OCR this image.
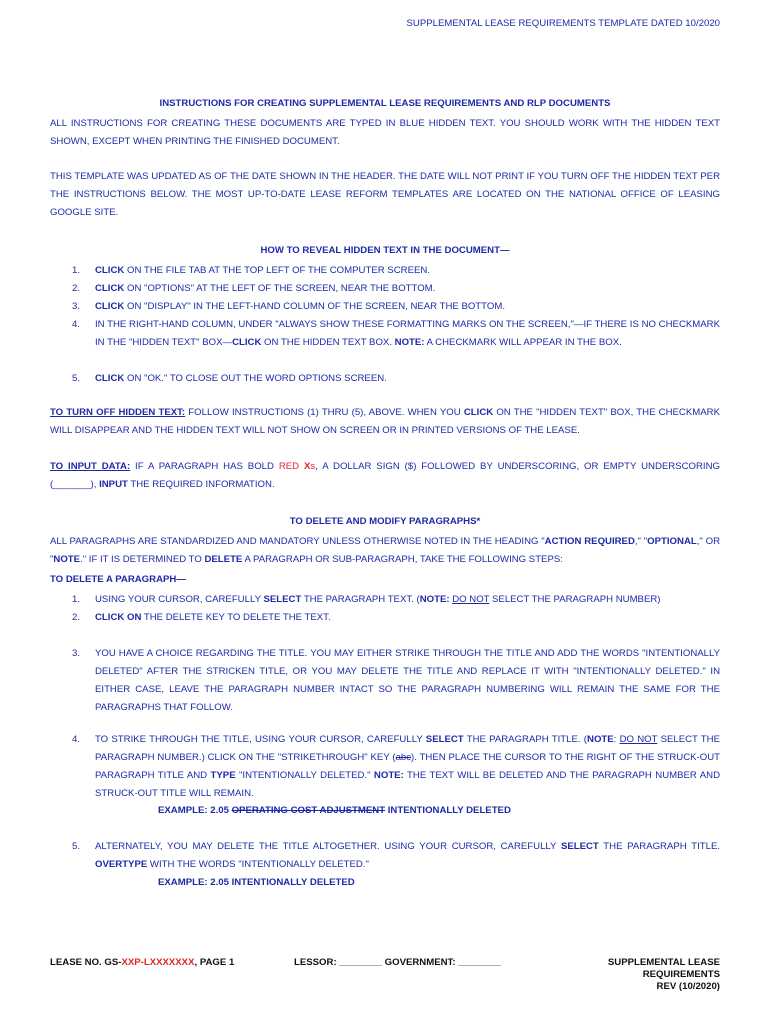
SUPPLEMENTAL LEASE REQUIREMENTS TEMPLATE DATED 10/2020
INSTRUCTIONS FOR CREATING SUPPLEMENTAL LEASE REQUIREMENTS AND RLP DOCUMENTS
ALL INSTRUCTIONS FOR CREATING THESE DOCUMENTS ARE TYPED IN BLUE HIDDEN TEXT. YOU SHOULD WORK WITH THE HIDDEN TEXT SHOWN, EXCEPT WHEN PRINTING THE FINISHED DOCUMENT.
THIS TEMPLATE WAS UPDATED AS OF THE DATE SHOWN IN THE HEADER. THE DATE WILL NOT PRINT IF YOU TURN OFF THE HIDDEN TEXT PER THE INSTRUCTIONS BELOW. THE MOST UP-TO-DATE LEASE REFORM TEMPLATES ARE LOCATED ON THE NATIONAL OFFICE OF LEASING GOOGLE SITE.
HOW TO REVEAL HIDDEN TEXT IN THE DOCUMENT—
1. CLICK ON THE FILE TAB AT THE TOP LEFT OF THE COMPUTER SCREEN.
2. CLICK ON "OPTIONS" AT THE LEFT OF THE SCREEN, NEAR THE BOTTOM.
3. CLICK ON "DISPLAY" IN THE LEFT-HAND COLUMN OF THE SCREEN, NEAR THE BOTTOM.
4. IN THE RIGHT-HAND COLUMN, UNDER "ALWAYS SHOW THESE FORMATTING MARKS ON THE SCREEN,"—IF THERE IS NO CHECKMARK IN THE "HIDDEN TEXT" BOX—CLICK ON THE HIDDEN TEXT BOX. NOTE: A CHECKMARK WILL APPEAR IN THE BOX.
5. CLICK ON "OK." TO CLOSE OUT THE WORD OPTIONS SCREEN.
TO TURN OFF HIDDEN TEXT: FOLLOW INSTRUCTIONS (1) THRU (5), ABOVE. WHEN YOU CLICK ON THE "HIDDEN TEXT" BOX, THE CHECKMARK WILL DISAPPEAR AND THE HIDDEN TEXT WILL NOT SHOW ON SCREEN OR IN PRINTED VERSIONS OF THE LEASE.
TO INPUT DATA: IF A PARAGRAPH HAS BOLD RED Xs, A DOLLAR SIGN ($) FOLLOWED BY UNDERSCORING, OR EMPTY UNDERSCORING (_______), INPUT THE REQUIRED INFORMATION.
TO DELETE AND MODIFY PARAGRAPHS*
ALL PARAGRAPHS ARE STANDARDIZED AND MANDATORY UNLESS OTHERWISE NOTED IN THE HEADING "ACTION REQUIRED," "OPTIONAL," OR "NOTE." IF IT IS DETERMINED TO DELETE A PARAGRAPH OR SUB-PARAGRAPH, TAKE THE FOLLOWING STEPS:
TO DELETE A PARAGRAPH—
1. USING YOUR CURSOR, CAREFULLY SELECT THE PARAGRAPH TEXT. (NOTE: DO NOT SELECT THE PARAGRAPH NUMBER)
2. CLICK ON THE DELETE KEY TO DELETE THE TEXT.
3. YOU HAVE A CHOICE REGARDING THE TITLE. YOU MAY EITHER STRIKE THROUGH THE TITLE AND ADD THE WORDS "INTENTIONALLY DELETED" AFTER THE STRICKEN TITLE, OR YOU MAY DELETE THE TITLE AND REPLACE IT WITH "INTENTIONALLY DELETED." IN EITHER CASE, LEAVE THE PARAGRAPH NUMBER INTACT SO THE PARAGRAPH NUMBERING WILL REMAIN THE SAME FOR THE PARAGRAPHS THAT FOLLOW.
4. TO STRIKE THROUGH THE TITLE, USING YOUR CURSOR, CAREFULLY SELECT THE PARAGRAPH TITLE. (NOTE: DO NOT SELECT THE PARAGRAPH NUMBER.) CLICK ON THE "STRIKETHROUGH" KEY (abc). THEN PLACE THE CURSOR TO THE RIGHT OF THE STRUCK-OUT PARAGRAPH TITLE AND TYPE "INTENTIONALLY DELETED." NOTE: THE TEXT WILL BE DELETED AND THE PARAGRAPH NUMBER AND STRUCK-OUT TITLE WILL REMAIN.
EXAMPLE: 2.05 OPERATING COST ADJUSTMENT INTENTIONALLY DELETED
5. ALTERNATELY, YOU MAY DELETE THE TITLE ALTOGETHER. USING YOUR CURSOR, CAREFULLY SELECT THE PARAGRAPH TITLE. OVERTYPE WITH THE WORDS "INTENTIONALLY DELETED."
EXAMPLE: 2.05 INTENTIONALLY DELETED
LEASE NO. GS-XXP-LXXXXXXX, PAGE 1	LESSOR: ________ GOVERNMENT: ________	SUPPLEMENTAL LEASE
REQUIREMENTS
REV (10/2020)
